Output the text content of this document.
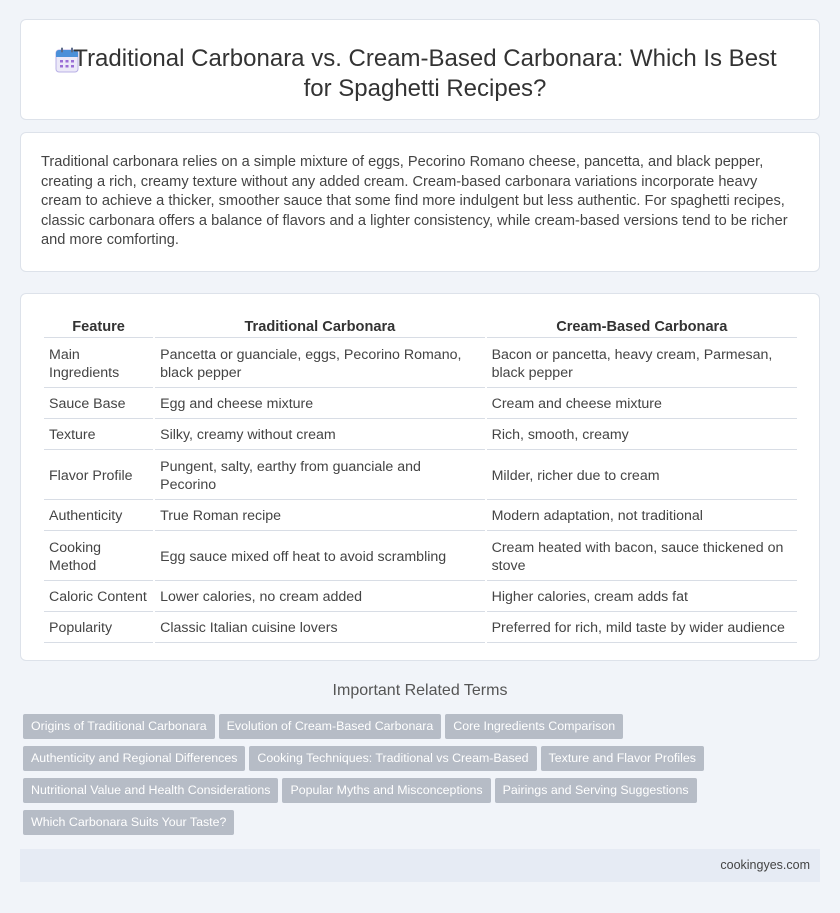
Traditional Carbonara vs. Cream-Based Carbonara: Which Is Best for Spaghetti Recipes?

Traditional carbonara relies on a simple mixture of eggs, Pecorino Romano cheese, pancetta, and black pepper, creating a rich, creamy texture without any added cream. Cream-based carbonara variations incorporate heavy cream to achieve a thicker, smoother sauce that some find more indulgent but less authentic. For spaghetti recipes, classic carbonara offers a balance of flavors and a lighter consistency, while cream-based versions tend to be richer and more comforting.

Feature	Traditional Carbonara	Cream-Based Carbonara
Main Ingredients	Pancetta or guanciale, eggs, Pecorino Romano, black pepper	Bacon or pancetta, heavy cream, Parmesan, black pepper
Sauce Base	Egg and cheese mixture	Cream and cheese mixture
Texture	Silky, creamy without cream	Rich, smooth, creamy
Flavor Profile	Pungent, salty, earthy from guanciale and Pecorino	Milder, richer due to cream
Authenticity	True Roman recipe	Modern adaptation, not traditional
Cooking Method	Egg sauce mixed off heat to avoid scrambling	Cream heated with bacon, sauce thickened on stove
Caloric Content	Lower calories, no cream added	Higher calories, cream adds fat
Popularity	Classic Italian cuisine lovers	Preferred for rich, mild taste by wider audience
Important Related Terms
Origins of Traditional Carbonara Evolution of Cream-Based Carbonara Core Ingredients Comparison
Authenticity and Regional Differences Cooking Techniques: Traditional vs Cream-Based Texture and Flavor Profiles
Nutritional Value and Health Considerations Popular Myths and Misconceptions Pairings and Serving Suggestions
Which Carbonara Suits Your Taste?
cookingyes.com
